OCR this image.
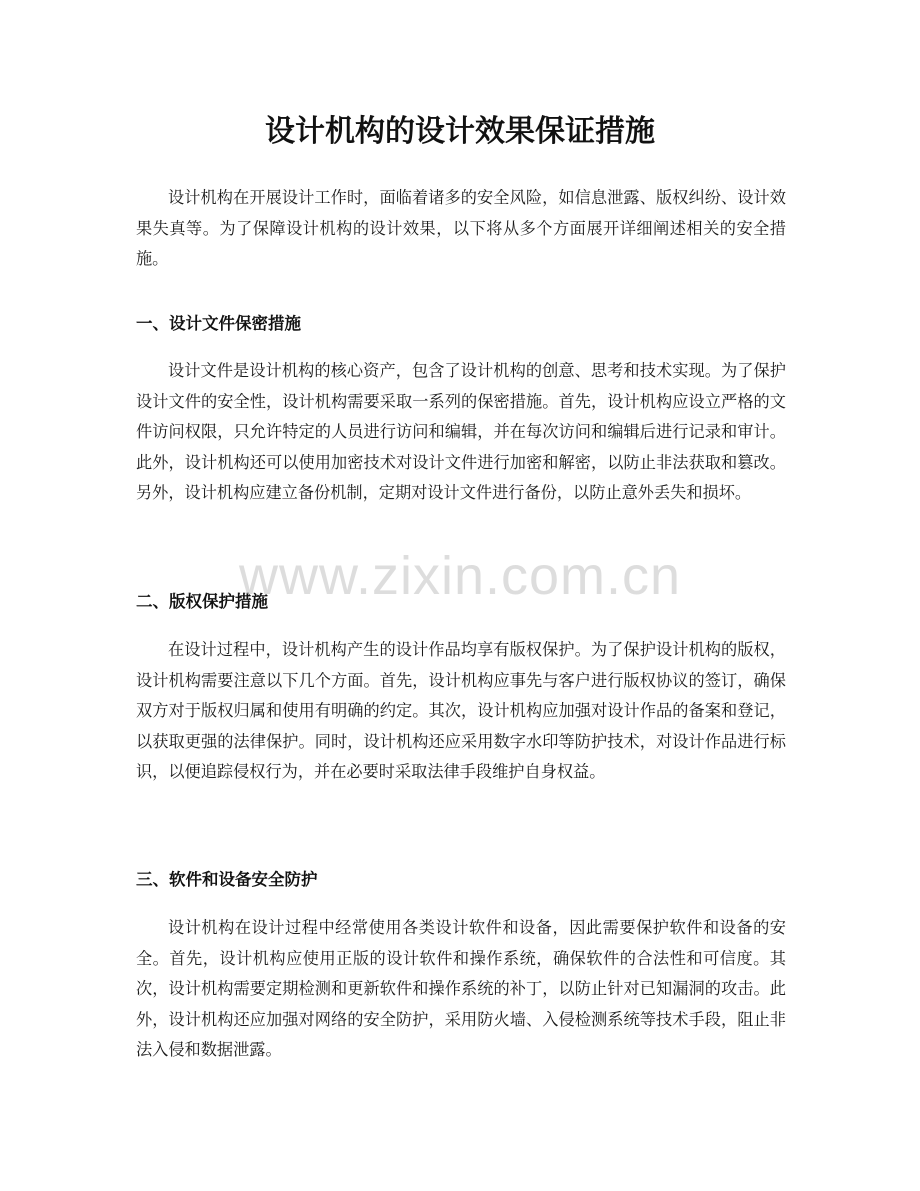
设计机构的设计效果保证措施

设计机构在开展设计工作时，面临着诸多的安全风险，如信息泄露、版权纠纷、设计效果失真等。为了保障设计机构的设计效果，以下将从多个方面展开详细阐述相关的安全措施。

一、设计文件保密措施

设计文件是设计机构的核心资产，包含了设计机构的创意、思考和技术实现。为了保护设计文件的安全性，设计机构需要采取一系列的保密措施。首先，设计机构应设立严格的文件访问权限，只允许特定的人员进行访问和编辑，并在每次访问和编辑后进行记录和审计。此外，设计机构还可以使用加密技术对设计文件进行加密和解密，以防止非法获取和篡改。另外，设计机构应建立备份机制，定期对设计文件进行备份，以防止意外丢失和损坏。

二、版权保护措施

在设计过程中，设计机构产生的设计作品均享有版权保护。为了保护设计机构的版权，设计机构需要注意以下几个方面。首先，设计机构应事先与客户进行版权协议的签订，确保双方对于版权归属和使用有明确的约定。其次，设计机构应加强对设计作品的备案和登记，以获取更强的法律保护。同时，设计机构还应采用数字水印等防护技术，对设计作品进行标识，以便追踪侵权行为，并在必要时采取法律手段维护自身权益。

三、软件和设备安全防护

设计机构在设计过程中经常使用各类设计软件和设备，因此需要保护软件和设备的安全。首先，设计机构应使用正版的设计软件和操作系统，确保软件的合法性和可信度。其次，设计机构需要定期检测和更新软件和操作系统的补丁，以防止针对已知漏洞的攻击。此外，设计机构还应加强对网络的安全防护，采用防火墙、入侵检测系统等技术手段，阻止非法入侵和数据泄露。

www.zixin.com.cn
